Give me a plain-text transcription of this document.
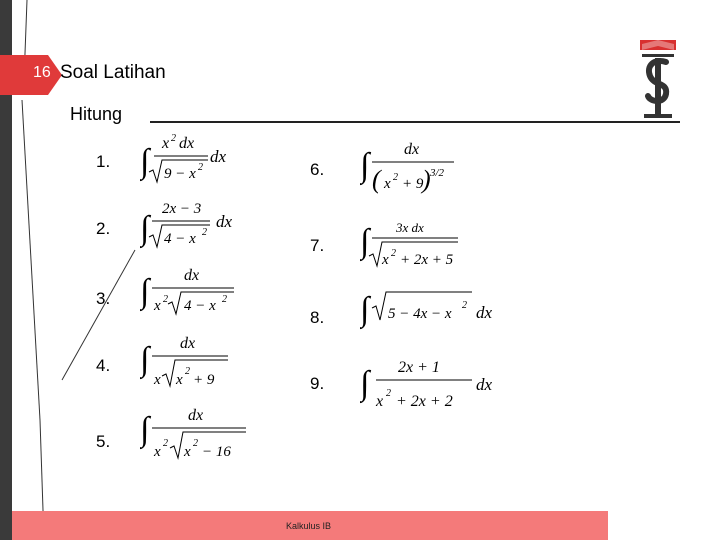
16 Soal Latihan
Hitung
1.
2.
3.
4.
5.
6.
7.
8.
9.
∫ x 2 dx
9 − x 2
dx
∫
2x − 3
4 − x 2
dx
∫ dx
x 2 4 − x 2
∫ dx
x x
2
+ 9
∫ dx
x
2
x
2
− 16
∫ dx
( x 2 + 9
) 3/2
∫ 3x dx
x 2 + 2x + 5
∫ 5 − 4x − x
2 dx
∫ 2x + 1
x 2 + 2x + 2
dx
Kalkulus IB
